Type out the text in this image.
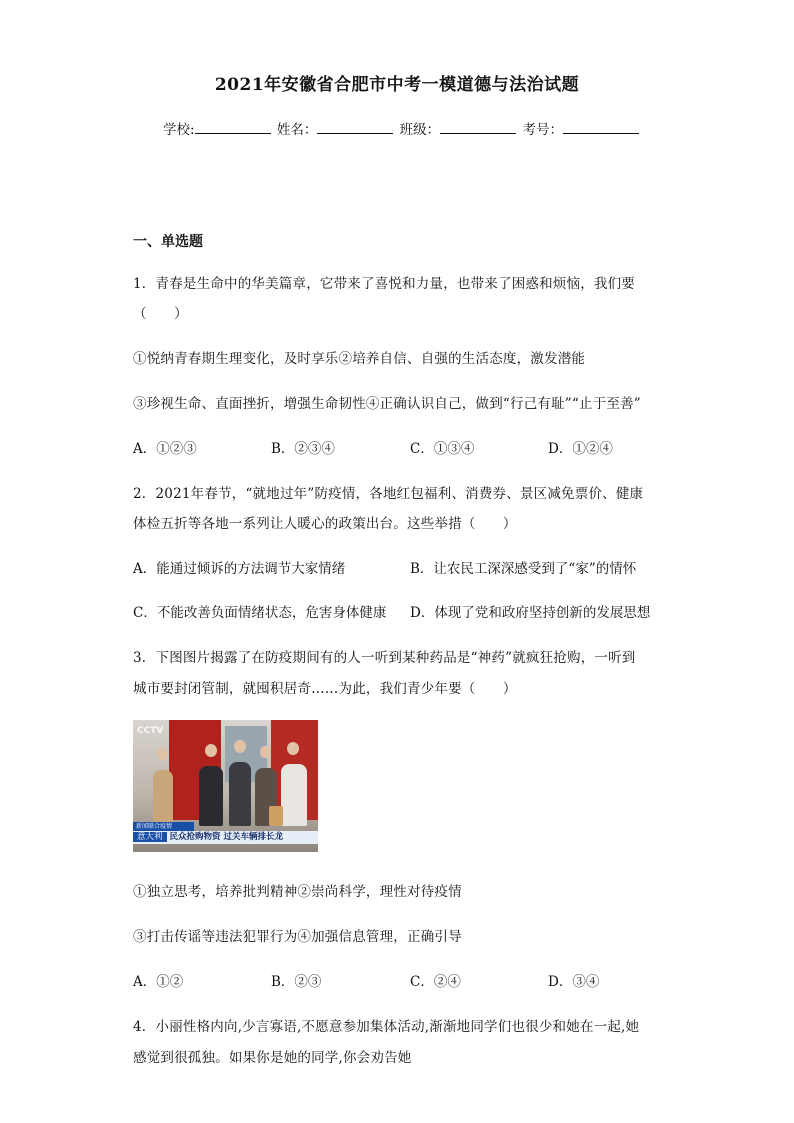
2021年安徽省合肥市中考一模道德与法治试题
学校:	姓名：	班级：	考号：
一、单选题
1．青春是生命中的华美篇章，它带来了喜悦和力量，也带来了困惑和烦恼，我们要
（　　）
①悦纳青春期生理变化，及时享乐②培养自信、自强的生活态度，激发潜能
③珍视生命、直面挫折，增强生命韧性④正确认识自己，做到“行己有耻”“止于至善”
A．①②③	B．②③④	C．①③④	D．①②④
2．2021年春节，“就地过年”防疫情，各地红包福利、消费券、景区减免票价、健康
体检五折等各地一系列让人暖心的政策出台。这些举措（　　）
A．能通过倾诉的方法调节大家情绪	B．让农民工深深感受到了“家”的情怀
C．不能改善负面情绪状态，危害身体健康 D．体现了党和政府坚持创新的发展思想
3．下图图片揭露了在防疫期间有的人一听到某种药品是“神药”就疯狂抢购，一听到
城市要封闭管制，就囤积居奇……为此，我们青少年要（　　）
CCTV
新闻联合疫情
意大利 民众抢购物资 过关车辆排长龙
①独立思考，培养批判精神②崇尚科学，理性对待疫情
③打击传谣等违法犯罪行为④加强信息管理，正确引导
A．①②	B．②③	C．②④	D．③④
4．小丽性格内向,少言寡语,不愿意参加集体活动,渐渐地同学们也很少和她在一起,她
感觉到很孤独。如果你是她的同学,你会劝告她
